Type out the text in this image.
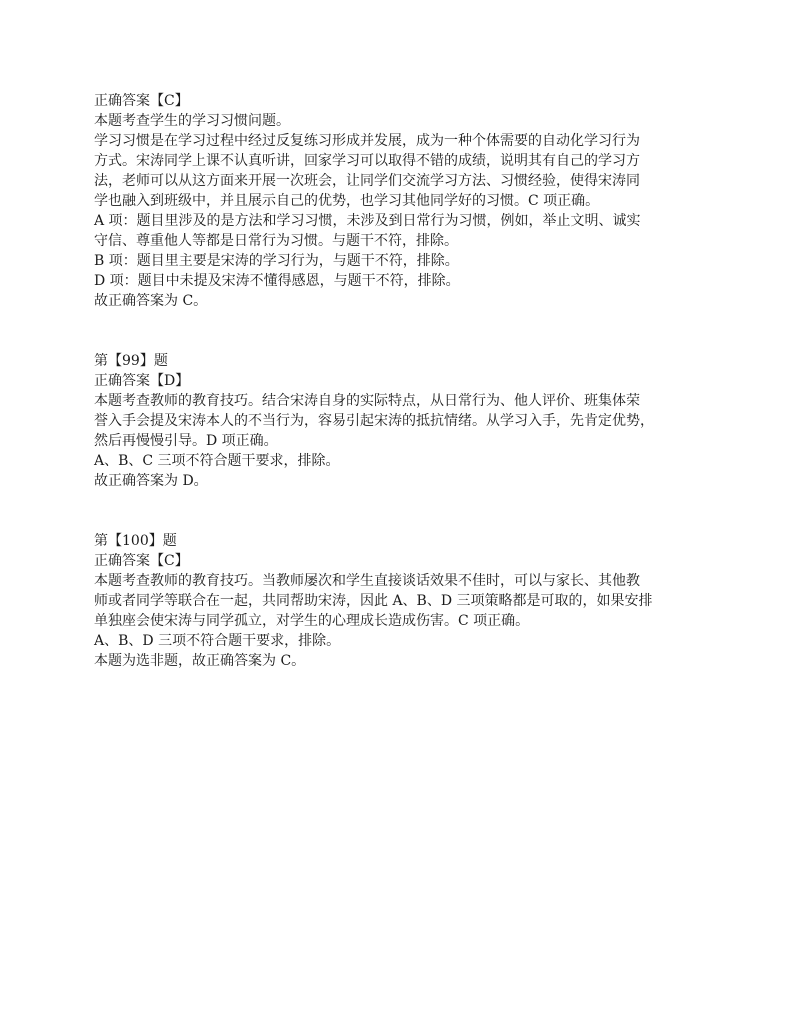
正确答案【C】

本题考查学生的学习习惯问题。

学习习惯是在学习过程中经过反复练习形成并发展，成为一种个体需要的自动化学习行为

方式。宋涛同学上课不认真听讲，回家学习可以取得不错的成绩，说明其有自己的学习方

法，老师可以从这方面来开展一次班会，让同学们交流学习方法、习惯经验，使得宋涛同

学也融入到班级中，并且展示自己的优势，也学习其他同学好的习惯。C 项正确。

A 项：题目里涉及的是方法和学习习惯，未涉及到日常行为习惯，例如，举止文明、诚实

守信、尊重他人等都是日常行为习惯。与题干不符，排除。

B 项：题目里主要是宋涛的学习行为，与题干不符，排除。

D 项：题目中未提及宋涛不懂得感恩，与题干不符，排除。

故正确答案为 C。

第【99】题

正确答案【D】

本题考查教师的教育技巧。结合宋涛自身的实际特点，从日常行为、他人评价、班集体荣

誉入手会提及宋涛本人的不当行为，容易引起宋涛的抵抗情绪。从学习入手，先肯定优势，

然后再慢慢引导。D 项正确。

A、B、C 三项不符合题干要求，排除。

故正确答案为 D。

第【100】题

正确答案【C】

本题考查教师的教育技巧。当教师屡次和学生直接谈话效果不佳时，可以与家长、其他教

师或者同学等联合在一起，共同帮助宋涛，因此 A、B、D 三项策略都是可取的，如果安排

单独座会使宋涛与同学孤立，对学生的心理成长造成伤害。C 项正确。

A、B、D 三项不符合题干要求，排除。

本题为选非题，故正确答案为 C。
